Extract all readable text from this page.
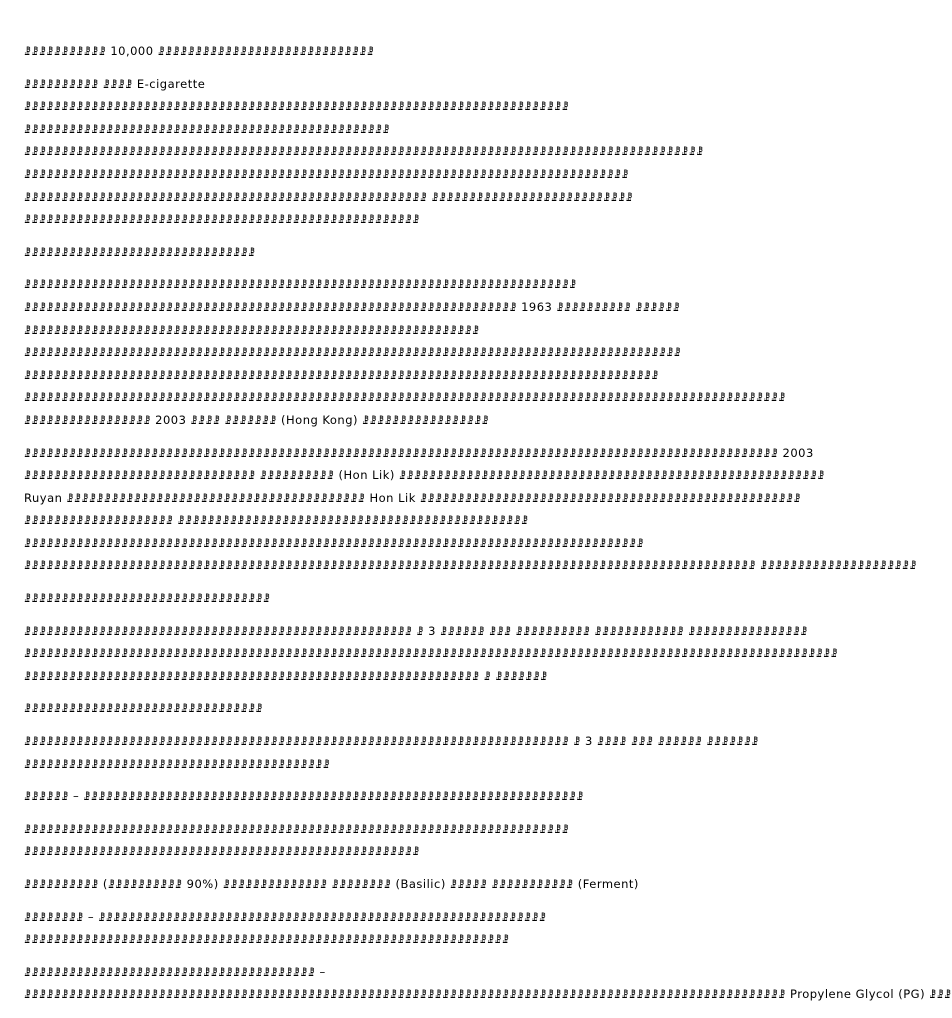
ꗗꗗꗗꗗꗗꗗꗗꗗꗗꗗꗗ 10,000 ꗗꗗꗗꗗꗗꗗꗗꗗꗗꗗꗗꗗꗗꗗꗗꗗꗗꗗꗗꗗꗗꗗꗗꗗꗗꗗꗗꗗꗗ
ꗗꗗꗗꗗꗗꗗꗗꗗꗗꗗ ꗗꗗꗗꗗ E-cigarette
ꗗꗗꗗꗗꗗꗗꗗꗗꗗꗗꗗꗗꗗꗗꗗꗗꗗꗗꗗꗗꗗꗗꗗꗗꗗꗗꗗꗗꗗꗗꗗꗗꗗꗗꗗꗗꗗꗗꗗꗗꗗꗗꗗꗗꗗꗗꗗꗗꗗꗗꗗꗗꗗꗗꗗꗗꗗꗗꗗꗗꗗꗗꗗꗗꗗꗗꗗꗗꗗꗗꗗꗗꗗ
ꗗꗗꗗꗗꗗꗗꗗꗗꗗꗗꗗꗗꗗꗗꗗꗗꗗꗗꗗꗗꗗꗗꗗꗗꗗꗗꗗꗗꗗꗗꗗꗗꗗꗗꗗꗗꗗꗗꗗꗗꗗꗗꗗꗗꗗꗗꗗꗗꗗ
ꗗꗗꗗꗗꗗꗗꗗꗗꗗꗗꗗꗗꗗꗗꗗꗗꗗꗗꗗꗗꗗꗗꗗꗗꗗꗗꗗꗗꗗꗗꗗꗗꗗꗗꗗꗗꗗꗗꗗꗗꗗꗗꗗꗗꗗꗗꗗꗗꗗꗗꗗꗗꗗꗗꗗꗗꗗꗗꗗꗗꗗꗗꗗꗗꗗꗗꗗꗗꗗꗗꗗꗗꗗꗗꗗꗗꗗꗗꗗꗗꗗꗗꗗꗗꗗꗗꗗꗗꗗꗗꗗ
ꗗꗗꗗꗗꗗꗗꗗꗗꗗꗗꗗꗗꗗꗗꗗꗗꗗꗗꗗꗗꗗꗗꗗꗗꗗꗗꗗꗗꗗꗗꗗꗗꗗꗗꗗꗗꗗꗗꗗꗗꗗꗗꗗꗗꗗꗗꗗꗗꗗꗗꗗꗗꗗꗗꗗꗗꗗꗗꗗꗗꗗꗗꗗꗗꗗꗗꗗꗗꗗꗗꗗꗗꗗꗗꗗꗗꗗꗗꗗꗗꗗ
ꗗꗗꗗꗗꗗꗗꗗꗗꗗꗗꗗꗗꗗꗗꗗꗗꗗꗗꗗꗗꗗꗗꗗꗗꗗꗗꗗꗗꗗꗗꗗꗗꗗꗗꗗꗗꗗꗗꗗꗗꗗꗗꗗꗗꗗꗗꗗꗗꗗꗗꗗꗗꗗꗗ ꗗꗗꗗꗗꗗꗗꗗꗗꗗꗗꗗꗗꗗꗗꗗꗗꗗꗗꗗꗗꗗꗗꗗꗗꗗꗗꗗ
ꗗꗗꗗꗗꗗꗗꗗꗗꗗꗗꗗꗗꗗꗗꗗꗗꗗꗗꗗꗗꗗꗗꗗꗗꗗꗗꗗꗗꗗꗗꗗꗗꗗꗗꗗꗗꗗꗗꗗꗗꗗꗗꗗꗗꗗꗗꗗꗗꗗꗗꗗꗗꗗ
ꗗꗗꗗꗗꗗꗗꗗꗗꗗꗗꗗꗗꗗꗗꗗꗗꗗꗗꗗꗗꗗꗗꗗꗗꗗꗗꗗꗗꗗꗗꗗ
ꗗꗗꗗꗗꗗꗗꗗꗗꗗꗗꗗꗗꗗꗗꗗꗗꗗꗗꗗꗗꗗꗗꗗꗗꗗꗗꗗꗗꗗꗗꗗꗗꗗꗗꗗꗗꗗꗗꗗꗗꗗꗗꗗꗗꗗꗗꗗꗗꗗꗗꗗꗗꗗꗗꗗꗗꗗꗗꗗꗗꗗꗗꗗꗗꗗꗗꗗꗗꗗꗗꗗꗗꗗꗗ
ꗗꗗꗗꗗꗗꗗꗗꗗꗗꗗꗗꗗꗗꗗꗗꗗꗗꗗꗗꗗꗗꗗꗗꗗꗗꗗꗗꗗꗗꗗꗗꗗꗗꗗꗗꗗꗗꗗꗗꗗꗗꗗꗗꗗꗗꗗꗗꗗꗗꗗꗗꗗꗗꗗꗗꗗꗗꗗꗗꗗꗗꗗꗗꗗꗗꗗ 1963 ꗗꗗꗗꗗꗗꗗꗗꗗꗗꗗ ꗗꗗꗗꗗꗗꗗ
ꗗꗗꗗꗗꗗꗗꗗꗗꗗꗗꗗꗗꗗꗗꗗꗗꗗꗗꗗꗗꗗꗗꗗꗗꗗꗗꗗꗗꗗꗗꗗꗗꗗꗗꗗꗗꗗꗗꗗꗗꗗꗗꗗꗗꗗꗗꗗꗗꗗꗗꗗꗗꗗꗗꗗꗗꗗꗗꗗꗗꗗ
ꗗꗗꗗꗗꗗꗗꗗꗗꗗꗗꗗꗗꗗꗗꗗꗗꗗꗗꗗꗗꗗꗗꗗꗗꗗꗗꗗꗗꗗꗗꗗꗗꗗꗗꗗꗗꗗꗗꗗꗗꗗꗗꗗꗗꗗꗗꗗꗗꗗꗗꗗꗗꗗꗗꗗꗗꗗꗗꗗꗗꗗꗗꗗꗗꗗꗗꗗꗗꗗꗗꗗꗗꗗꗗꗗꗗꗗꗗꗗꗗꗗꗗꗗꗗꗗꗗꗗꗗ
ꗗꗗꗗꗗꗗꗗꗗꗗꗗꗗꗗꗗꗗꗗꗗꗗꗗꗗꗗꗗꗗꗗꗗꗗꗗꗗꗗꗗꗗꗗꗗꗗꗗꗗꗗꗗꗗꗗꗗꗗꗗꗗꗗꗗꗗꗗꗗꗗꗗꗗꗗꗗꗗꗗꗗꗗꗗꗗꗗꗗꗗꗗꗗꗗꗗꗗꗗꗗꗗꗗꗗꗗꗗꗗꗗꗗꗗꗗꗗꗗꗗꗗꗗꗗꗗ
ꗗꗗꗗꗗꗗꗗꗗꗗꗗꗗꗗꗗꗗꗗꗗꗗꗗꗗꗗꗗꗗꗗꗗꗗꗗꗗꗗꗗꗗꗗꗗꗗꗗꗗꗗꗗꗗꗗꗗꗗꗗꗗꗗꗗꗗꗗꗗꗗꗗꗗꗗꗗꗗꗗꗗꗗꗗꗗꗗꗗꗗꗗꗗꗗꗗꗗꗗꗗꗗꗗꗗꗗꗗꗗꗗꗗꗗꗗꗗꗗꗗꗗꗗꗗꗗꗗꗗꗗꗗꗗꗗꗗꗗꗗꗗꗗꗗꗗꗗꗗꗗꗗ
ꗗꗗꗗꗗꗗꗗꗗꗗꗗꗗꗗꗗꗗꗗꗗꗗꗗ 2003 ꗗꗗꗗꗗ ꗗꗗꗗꗗꗗꗗꗗ (Hong Kong) ꗗꗗꗗꗗꗗꗗꗗꗗꗗꗗꗗꗗꗗꗗꗗꗗꗗ
ꗗꗗꗗꗗꗗꗗꗗꗗꗗꗗꗗꗗꗗꗗꗗꗗꗗꗗꗗꗗꗗꗗꗗꗗꗗꗗꗗꗗꗗꗗꗗꗗꗗꗗꗗꗗꗗꗗꗗꗗꗗꗗꗗꗗꗗꗗꗗꗗꗗꗗꗗꗗꗗꗗꗗꗗꗗꗗꗗꗗꗗꗗꗗꗗꗗꗗꗗꗗꗗꗗꗗꗗꗗꗗꗗꗗꗗꗗꗗꗗꗗꗗꗗꗗꗗꗗꗗꗗꗗꗗꗗꗗꗗꗗꗗꗗꗗꗗꗗꗗꗗ 2003
ꗗꗗꗗꗗꗗꗗꗗꗗꗗꗗꗗꗗꗗꗗꗗꗗꗗꗗꗗꗗꗗꗗꗗꗗꗗꗗꗗꗗꗗꗗꗗ ꗗꗗꗗꗗꗗꗗꗗꗗꗗꗗ (Hon Lik) ꗗꗗꗗꗗꗗꗗꗗꗗꗗꗗꗗꗗꗗꗗꗗꗗꗗꗗꗗꗗꗗꗗꗗꗗꗗꗗꗗꗗꗗꗗꗗꗗꗗꗗꗗꗗꗗꗗꗗꗗꗗꗗꗗꗗꗗꗗꗗꗗꗗꗗꗗꗗꗗꗗꗗꗗꗗ
Ruyan ꗗꗗꗗꗗꗗꗗꗗꗗꗗꗗꗗꗗꗗꗗꗗꗗꗗꗗꗗꗗꗗꗗꗗꗗꗗꗗꗗꗗꗗꗗꗗꗗꗗꗗꗗꗗꗗꗗꗗꗗ Hon Lik ꗗꗗꗗꗗꗗꗗꗗꗗꗗꗗꗗꗗꗗꗗꗗꗗꗗꗗꗗꗗꗗꗗꗗꗗꗗꗗꗗꗗꗗꗗꗗꗗꗗꗗꗗꗗꗗꗗꗗꗗꗗꗗꗗꗗꗗꗗꗗꗗꗗꗗꗗ
ꗗꗗꗗꗗꗗꗗꗗꗗꗗꗗꗗꗗꗗꗗꗗꗗꗗꗗꗗꗗ ꗗꗗꗗꗗꗗꗗꗗꗗꗗꗗꗗꗗꗗꗗꗗꗗꗗꗗꗗꗗꗗꗗꗗꗗꗗꗗꗗꗗꗗꗗꗗꗗꗗꗗꗗꗗꗗꗗꗗꗗꗗꗗꗗꗗꗗꗗꗗ
ꗗꗗꗗꗗꗗꗗꗗꗗꗗꗗꗗꗗꗗꗗꗗꗗꗗꗗꗗꗗꗗꗗꗗꗗꗗꗗꗗꗗꗗꗗꗗꗗꗗꗗꗗꗗꗗꗗꗗꗗꗗꗗꗗꗗꗗꗗꗗꗗꗗꗗꗗꗗꗗꗗꗗꗗꗗꗗꗗꗗꗗꗗꗗꗗꗗꗗꗗꗗꗗꗗꗗꗗꗗꗗꗗꗗꗗꗗꗗꗗꗗꗗꗗ
ꗗꗗꗗꗗꗗꗗꗗꗗꗗꗗꗗꗗꗗꗗꗗꗗꗗꗗꗗꗗꗗꗗꗗꗗꗗꗗꗗꗗꗗꗗꗗꗗꗗꗗꗗꗗꗗꗗꗗꗗꗗꗗꗗꗗꗗꗗꗗꗗꗗꗗꗗꗗꗗꗗꗗꗗꗗꗗꗗꗗꗗꗗꗗꗗꗗꗗꗗꗗꗗꗗꗗꗗꗗꗗꗗꗗꗗꗗꗗꗗꗗꗗꗗꗗꗗꗗꗗꗗꗗꗗꗗꗗꗗꗗꗗꗗꗗꗗ ꗗꗗꗗꗗꗗꗗꗗꗗꗗꗗꗗꗗꗗꗗꗗꗗꗗꗗꗗꗗꗗ
ꗗꗗꗗꗗꗗꗗꗗꗗꗗꗗꗗꗗꗗꗗꗗꗗꗗꗗꗗꗗꗗꗗꗗꗗꗗꗗꗗꗗꗗꗗꗗꗗꗗ
ꗗꗗꗗꗗꗗꗗꗗꗗꗗꗗꗗꗗꗗꗗꗗꗗꗗꗗꗗꗗꗗꗗꗗꗗꗗꗗꗗꗗꗗꗗꗗꗗꗗꗗꗗꗗꗗꗗꗗꗗꗗꗗꗗꗗꗗꗗꗗꗗꗗꗗꗗꗗ ꗗ 3 ꗗꗗꗗꗗꗗꗗ ꗗꗗꗗ ꗗꗗꗗꗗꗗꗗꗗꗗꗗꗗ ꗗꗗꗗꗗꗗꗗꗗꗗꗗꗗꗗꗗ ꗗꗗꗗꗗꗗꗗꗗꗗꗗꗗꗗꗗꗗꗗꗗꗗ
ꗗꗗꗗꗗꗗꗗꗗꗗꗗꗗꗗꗗꗗꗗꗗꗗꗗꗗꗗꗗꗗꗗꗗꗗꗗꗗꗗꗗꗗꗗꗗꗗꗗꗗꗗꗗꗗꗗꗗꗗꗗꗗꗗꗗꗗꗗꗗꗗꗗꗗꗗꗗꗗꗗꗗꗗꗗꗗꗗꗗꗗꗗꗗꗗꗗꗗꗗꗗꗗꗗꗗꗗꗗꗗꗗꗗꗗꗗꗗꗗꗗꗗꗗꗗꗗꗗꗗꗗꗗꗗꗗꗗꗗꗗꗗꗗꗗꗗꗗꗗꗗꗗꗗꗗꗗꗗꗗꗗꗗ
ꗗꗗꗗꗗꗗꗗꗗꗗꗗꗗꗗꗗꗗꗗꗗꗗꗗꗗꗗꗗꗗꗗꗗꗗꗗꗗꗗꗗꗗꗗꗗꗗꗗꗗꗗꗗꗗꗗꗗꗗꗗꗗꗗꗗꗗꗗꗗꗗꗗꗗꗗꗗꗗꗗꗗꗗꗗꗗꗗꗗꗗ ꗗ ꗗꗗꗗꗗꗗꗗꗗ
ꗗꗗꗗꗗꗗꗗꗗꗗꗗꗗꗗꗗꗗꗗꗗꗗꗗꗗꗗꗗꗗꗗꗗꗗꗗꗗꗗꗗꗗꗗꗗꗗ
ꗗꗗꗗꗗꗗꗗꗗꗗꗗꗗꗗꗗꗗꗗꗗꗗꗗꗗꗗꗗꗗꗗꗗꗗꗗꗗꗗꗗꗗꗗꗗꗗꗗꗗꗗꗗꗗꗗꗗꗗꗗꗗꗗꗗꗗꗗꗗꗗꗗꗗꗗꗗꗗꗗꗗꗗꗗꗗꗗꗗꗗꗗꗗꗗꗗꗗꗗꗗꗗꗗꗗꗗꗗ ꗗ 3 ꗗꗗꗗꗗ ꗗꗗꗗ ꗗꗗꗗꗗꗗꗗ ꗗꗗꗗꗗꗗꗗꗗ
ꗗꗗꗗꗗꗗꗗꗗꗗꗗꗗꗗꗗꗗꗗꗗꗗꗗꗗꗗꗗꗗꗗꗗꗗꗗꗗꗗꗗꗗꗗꗗꗗꗗꗗꗗꗗꗗꗗꗗꗗꗗ
ꗗꗗꗗꗗꗗꗗ – ꗗꗗꗗꗗꗗꗗꗗꗗꗗꗗꗗꗗꗗꗗꗗꗗꗗꗗꗗꗗꗗꗗꗗꗗꗗꗗꗗꗗꗗꗗꗗꗗꗗꗗꗗꗗꗗꗗꗗꗗꗗꗗꗗꗗꗗꗗꗗꗗꗗꗗꗗꗗꗗꗗꗗꗗꗗꗗꗗꗗꗗꗗꗗꗗꗗꗗꗗ
ꗗꗗꗗꗗꗗꗗꗗꗗꗗꗗꗗꗗꗗꗗꗗꗗꗗꗗꗗꗗꗗꗗꗗꗗꗗꗗꗗꗗꗗꗗꗗꗗꗗꗗꗗꗗꗗꗗꗗꗗꗗꗗꗗꗗꗗꗗꗗꗗꗗꗗꗗꗗꗗꗗꗗꗗꗗꗗꗗꗗꗗꗗꗗꗗꗗꗗꗗꗗꗗꗗꗗꗗꗗ
ꗗꗗꗗꗗꗗꗗꗗꗗꗗꗗꗗꗗꗗꗗꗗꗗꗗꗗꗗꗗꗗꗗꗗꗗꗗꗗꗗꗗꗗꗗꗗꗗꗗꗗꗗꗗꗗꗗꗗꗗꗗꗗꗗꗗꗗꗗꗗꗗꗗꗗꗗꗗꗗ
ꗗꗗꗗꗗꗗꗗꗗꗗꗗꗗ (ꗗꗗꗗꗗꗗꗗꗗꗗꗗꗗ 90%) ꗗꗗꗗꗗꗗꗗꗗꗗꗗꗗꗗꗗꗗꗗ ꗗꗗꗗꗗꗗꗗꗗꗗ (Basilic) ꗗꗗꗗꗗꗗ ꗗꗗꗗꗗꗗꗗꗗꗗꗗꗗꗗ (Ferment)
ꗗꗗꗗꗗꗗꗗꗗꗗ – ꗗꗗꗗꗗꗗꗗꗗꗗꗗꗗꗗꗗꗗꗗꗗꗗꗗꗗꗗꗗꗗꗗꗗꗗꗗꗗꗗꗗꗗꗗꗗꗗꗗꗗꗗꗗꗗꗗꗗꗗꗗꗗꗗꗗꗗꗗꗗꗗꗗꗗꗗꗗꗗꗗꗗꗗꗗꗗꗗꗗ
ꗗꗗꗗꗗꗗꗗꗗꗗꗗꗗꗗꗗꗗꗗꗗꗗꗗꗗꗗꗗꗗꗗꗗꗗꗗꗗꗗꗗꗗꗗꗗꗗꗗꗗꗗꗗꗗꗗꗗꗗꗗꗗꗗꗗꗗꗗꗗꗗꗗꗗꗗꗗꗗꗗꗗꗗꗗꗗꗗꗗꗗꗗꗗꗗꗗ
ꗗꗗꗗꗗꗗꗗꗗꗗꗗꗗꗗꗗꗗꗗꗗꗗꗗꗗꗗꗗꗗꗗꗗꗗꗗꗗꗗꗗꗗꗗꗗꗗꗗꗗꗗꗗꗗꗗꗗ –
ꗗꗗꗗꗗꗗꗗꗗꗗꗗꗗꗗꗗꗗꗗꗗꗗꗗꗗꗗꗗꗗꗗꗗꗗꗗꗗꗗꗗꗗꗗꗗꗗꗗꗗꗗꗗꗗꗗꗗꗗꗗꗗꗗꗗꗗꗗꗗꗗꗗꗗꗗꗗꗗꗗꗗꗗꗗꗗꗗꗗꗗꗗꗗꗗꗗꗗꗗꗗꗗꗗꗗꗗꗗꗗꗗꗗꗗꗗꗗꗗꗗꗗꗗꗗꗗꗗꗗꗗꗗꗗꗗꗗꗗꗗꗗꗗꗗꗗꗗꗗꗗꗗ Propylene Glycol (PG) ꗗꗗꗗ
